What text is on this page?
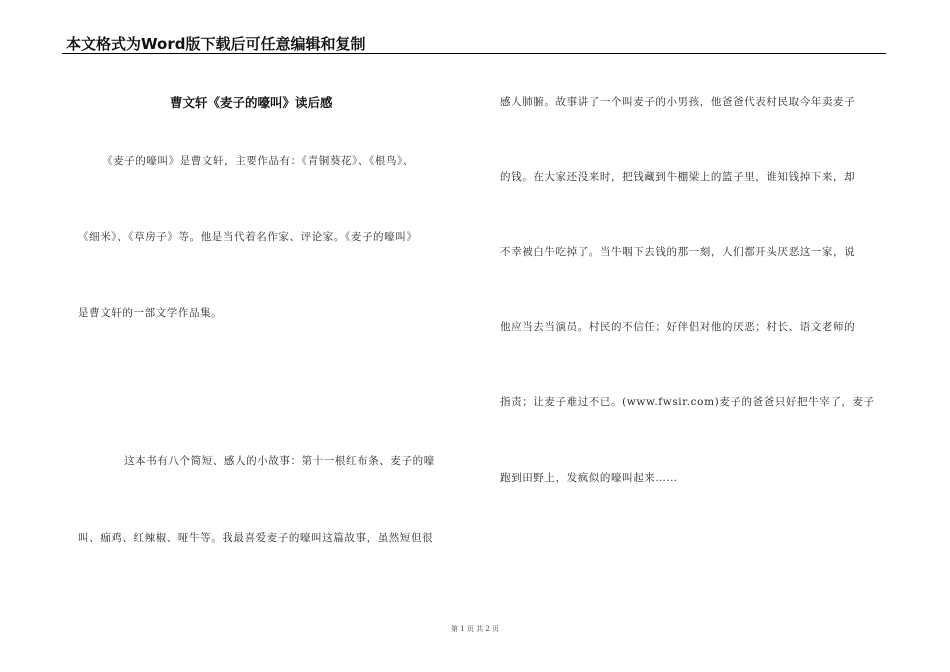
本文格式为Word版下载后可任意编辑和复制
曹文轩《麦子的嚎叫》读后感
《麦子的嚎叫》是曹文轩，主要作品有：《青铜葵花》、《根鸟》、
《细米》、《草房子》等。他是当代着名作家、评论家。《麦子的嚎叫》
是曹文轩的一部文学作品集。
这本书有八个简短、感人的小故事：第十一根红布条、麦子的嚎
叫、痂鸡、红辣椒、哑牛等。我最喜爱麦子的嚎叫这篇故事，虽然短但很
感人肺腑。故事讲了一个叫麦子的小男孩，他爸爸代表村民取今年卖麦子
的钱。在大家还没来时，把钱藏到牛棚梁上的篮子里，谁知钱掉下来，却
不幸被白牛吃掉了。当牛咽下去钱的那一刻，人们都开头厌恶这一家，说
他应当去当演员。村民的不信任；好伴侣对他的厌恶；村长、语文老师的
指责；让麦子难过不已。(www.fwsir.com)麦子的爸爸只好把牛宰了，麦子
跑到田野上，发疯似的嚎叫起来……
第 1 页 共 2 页
